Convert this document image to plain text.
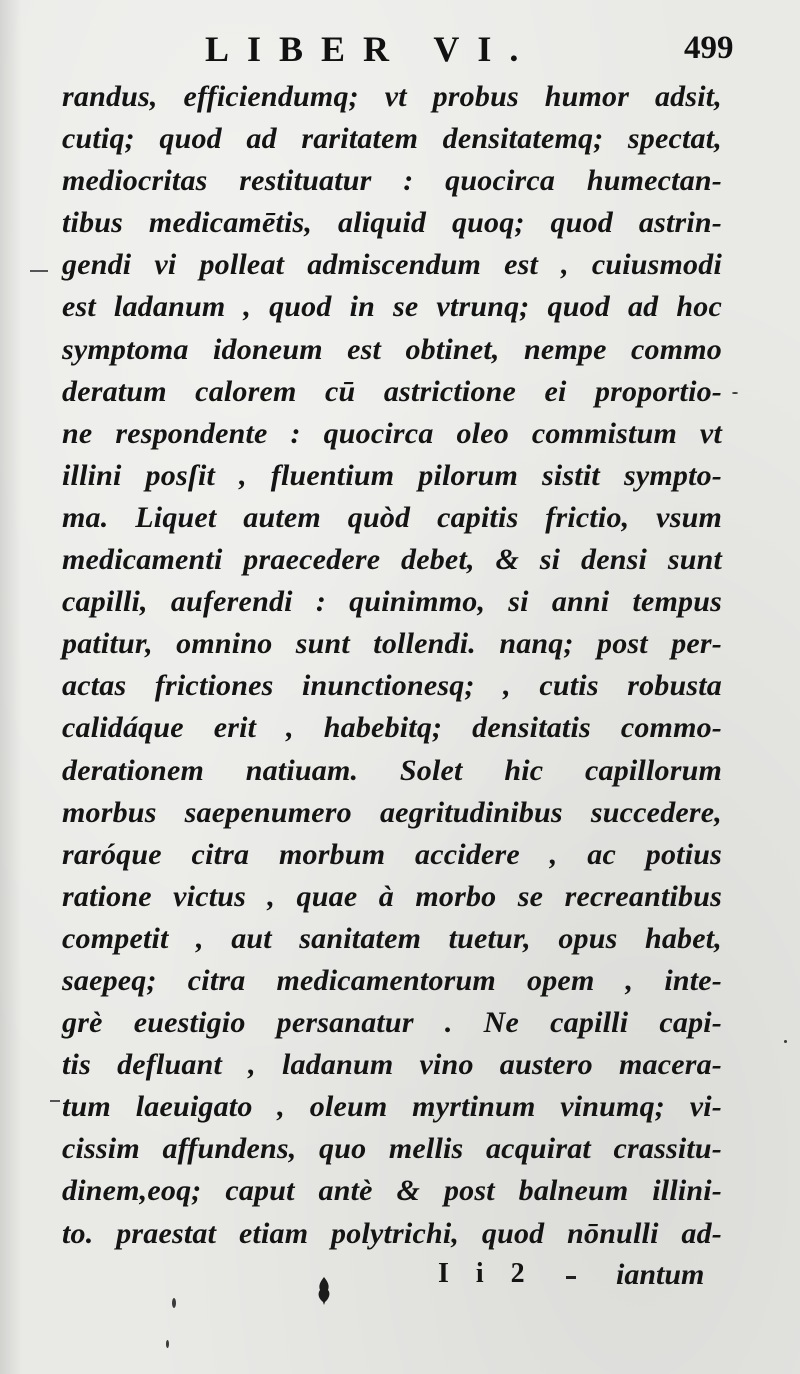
LIBER VI.	499
randus, efficiendumq; vt probus humor adsit,
cutiq; quod ad raritatem densitatemq; spectat,
mediocritas restituatur : quocirca humectan-
tibus medicamētis, aliquid quoq; quod astrin-
gendi vi polleat admiscendum est , cuiusmodi
est ladanum , quod in se vtrunq; quod ad hoc
symptoma idoneum est obtinet, nempe commo
deratum calorem cū astrictione ei proportio-
ne respondente : quocirca oleo commistum vt
illini posſit , fluentium pilorum sistit sympto-
ma. Liquet autem quòd capitis frictio, vsum
medicamenti praecedere debet, & si densi sunt
capilli, auferendi : quinimmo, si anni tempus
patitur, omnino sunt tollendi. nanq; post per-
actas frictiones inunctionesq; , cutis robusta
calidáque erit , habebitq; densitatis commo-
derationem natiuam. Solet hic capillorum
morbus saepenumero aegritudinibus succedere,
raróque citra morbum accidere , ac potius
ratione victus , quae à morbo se recreantibus
competit , aut sanitatem tuetur, opus habet,
saepeq; citra medicamentorum opem , inte-
grè euestigio persanatur . Ne capilli capi-
tis defluant , ladanum vino austero macera-
tum laeuigato , oleum myrtinum vinumq; vi-
cissim affundens, quo mellis acquirat crassitu-
dinem,eoq; caput antè & post balneum illini-
to. praestat etiam polytrichi, quod nōnulli ad-
I i 2	iantum
